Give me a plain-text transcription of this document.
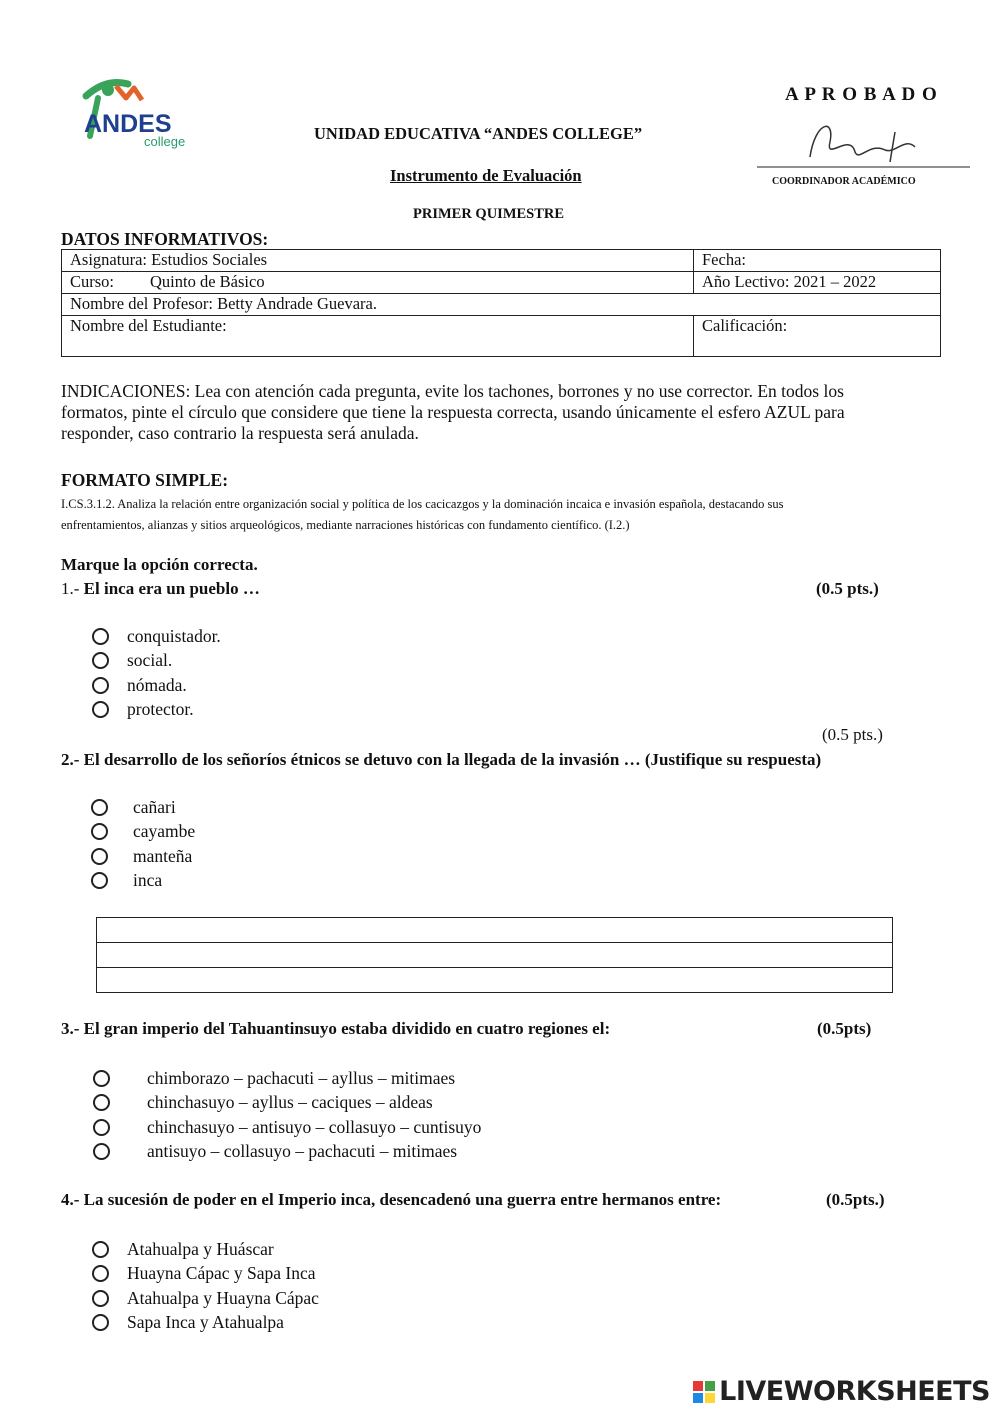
ANDES
college	UNIDAD EDUCATIVA “ANDES COLLEGE”
Instrumento de Evaluación
PRIMER QUIMESTRE
A P R O B A D O
COORDINADOR ACADÉMICO
DATOS INFORMATIVOS:
Asignatura: Estudios Sociales	Fecha:
Curso: Quinto de Básico	Año Lectivo: 2021 – 2022
Nombre del Profesor: Betty Andrade Guevara.	
Nombre del Estudiante:	Calificación:
INDICACIONES: Lea con atención cada pregunta, evite los tachones, borrones y no use corrector. En todos los
formatos, pinte el círculo que considere que tiene la respuesta correcta, usando únicamente el esfero AZUL para
responder, caso contrario la respuesta será anulada.
FORMATO SIMPLE:
I.CS.3.1.2. Analiza la relación entre organización social y política de los cacicazgos y la dominación incaica e invasión española, destacando sus
enfrentamientos, alianzas y sitios arqueológicos, mediante narraciones históricas con fundamento científico. (I.2.)
Marque la opción correcta.
1.- El inca era un pueblo …	(0.5 pts.)
conquistador.
social.
nómada.
protector.
(0.5 pts.)
2.- El desarrollo de los señoríos étnicos se detuvo con la llegada de la invasión … (Justifique su respuesta)
cañari
cayambe
manteña
inca
3.- El gran imperio del Tahuantinsuyo estaba dividido en cuatro regiones el:	(0.5pts)
chimborazo – pachacuti – ayllus – mitimaes
chinchasuyo – ayllus – caciques – aldeas
chinchasuyo – antisuyo – collasuyo – cuntisuyo
antisuyo – collasuyo – pachacuti – mitimaes
4.- La sucesión de poder en el Imperio inca, desencadenó una guerra entre hermanos entre:	(0.5pts.)
Atahualpa y Huáscar
Huayna Cápac y Sapa Inca
Atahualpa y Huayna Cápac
Sapa Inca y Atahualpa
LIVEWORKSHEETS
